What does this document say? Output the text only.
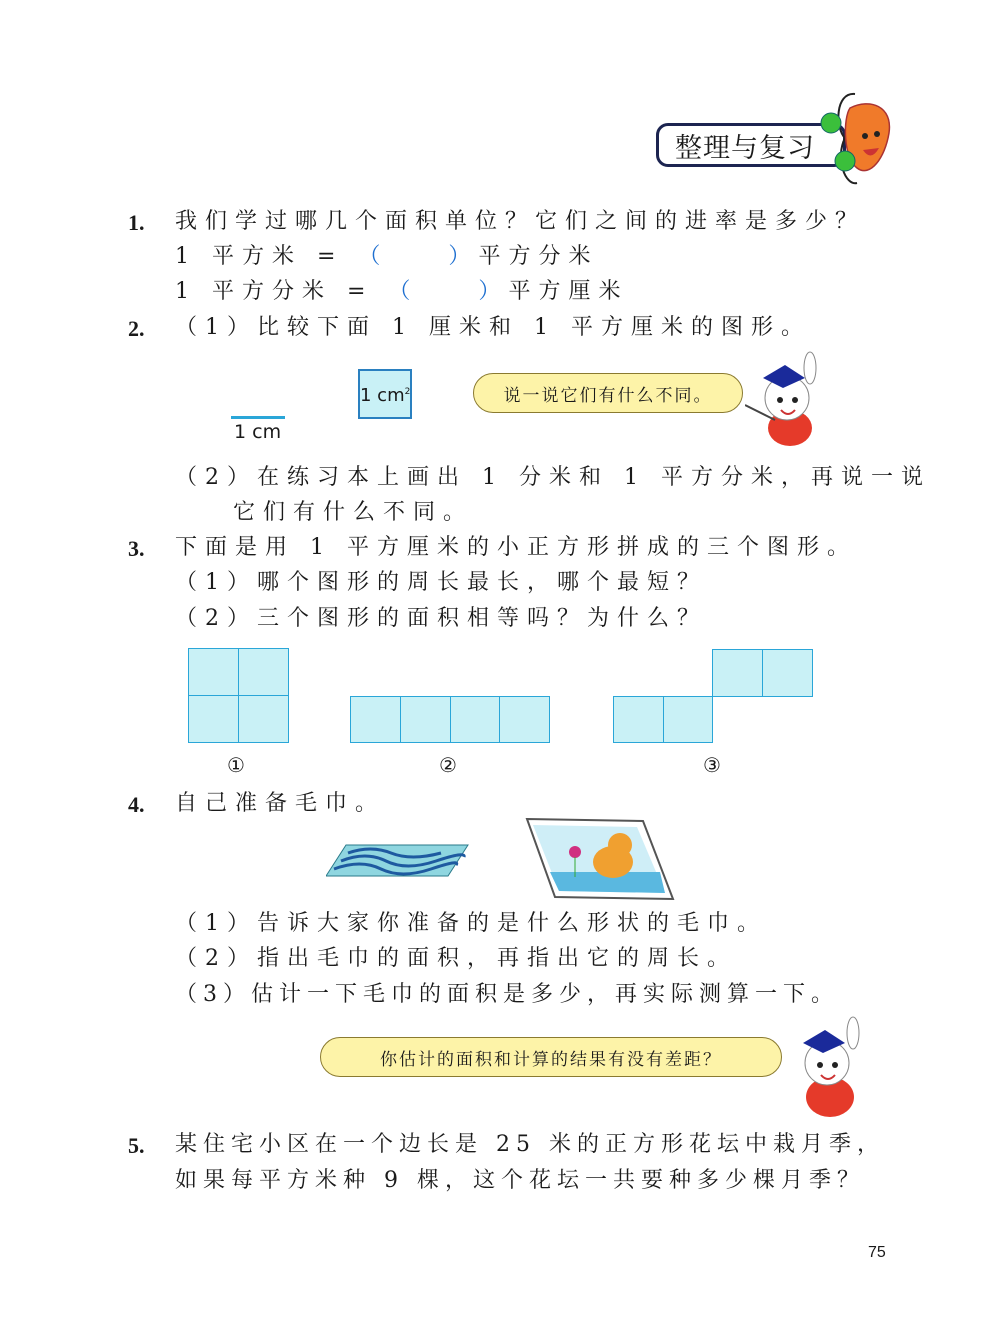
整理与复习
1. 我们学过哪几个面积单位？它们之间的进率是多少？
1 平方米 = （　　）平方分米
1 平方分米 = （　　）平方厘米
2. （1）比较下面 1 厘米和 1 平方厘米的图形。
1 cm
1 $cm^2$	说一说它们有什么不同。
（2）在练习本上画出 1 分米和 1 平方分米，再说一说
它们有什么不同。
3. 下面是用 1 平方厘米的小正方形拼成的三个图形。
（1）哪个图形的周长最长，哪个最短？
（2）三个图形的面积相等吗？为什么？
①	②	③
4. 自己准备毛巾。
（1）告诉大家你准备的是什么形状的毛巾。
（2）指出毛巾的面积，再指出它的周长。
（3）估计一下毛巾的面积是多少，再实际测算一下。
你估计的面积和计算的结果有没有差距？
5. 某住宅小区在一个边长是 25 米的正方形花坛中栽月季，
如果每平方米种 9 棵，这个花坛一共要种多少棵月季？
75
